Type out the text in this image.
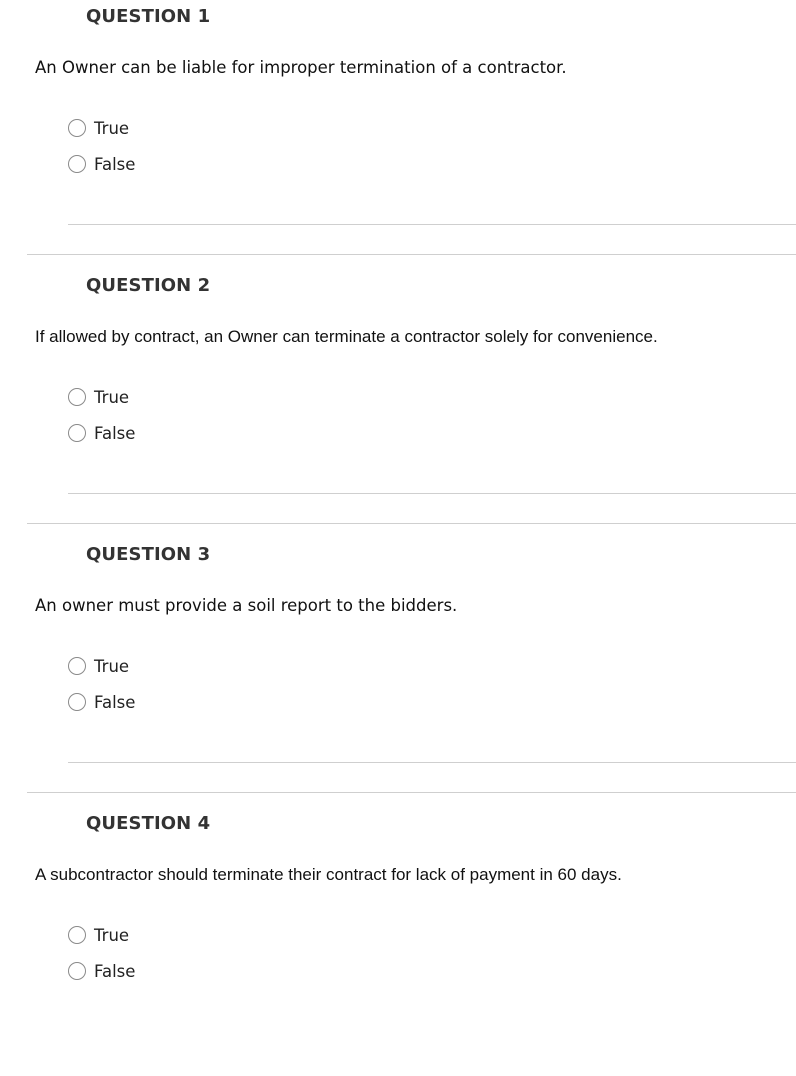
QUESTION 1
An Owner can be liable for improper termination of a contractor.
True
False
QUESTION 2
If allowed by contract, an Owner can terminate a contractor solely for convenience.
True
False
QUESTION 3
An owner must provide a soil report to the bidders.
True
False
QUESTION 4
A subcontractor should terminate their contract for lack of payment in 60 days.
True
False
